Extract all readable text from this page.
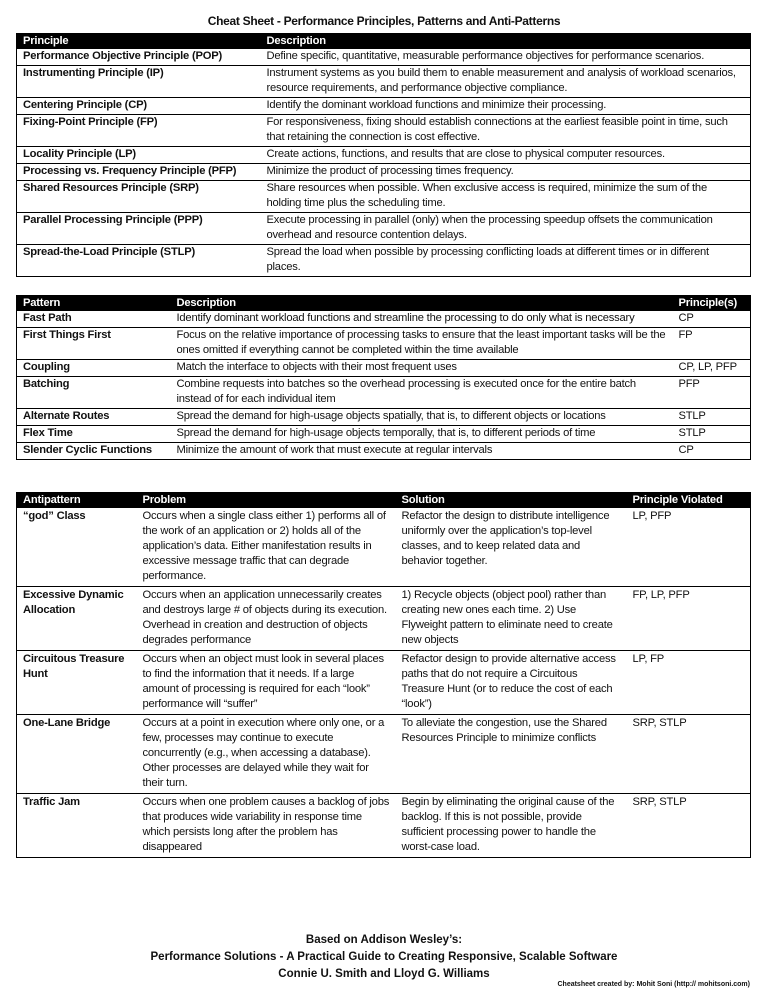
Cheat Sheet - Performance Principles, Patterns and Anti-Patterns
Principle	Description
Performance Objective Principle (POP)	Define specific, quantitative, measurable performance objectives for performance scenarios.
Instrumenting Principle (IP)	Instrument systems as you build them to enable measurement and analysis of workload scenarios, resource requirements, and performance objective compliance.
Centering Principle (CP)	Identify the dominant workload functions and minimize their processing.
Fixing-Point Principle (FP)	For responsiveness, fixing should establish connections at the earliest feasible point in time, such that retaining the connection is cost effective.
Locality Principle (LP)	Create actions, functions, and results that are close to physical computer resources.
Processing vs. Frequency Principle (PFP)	Minimize the product of processing times frequency.
Shared Resources Principle (SRP)	Share resources when possible. When exclusive access is required, minimize the sum of the holding time plus the scheduling time.
Parallel Processing Principle (PPP)	Execute processing in parallel (only) when the processing speedup offsets the communication overhead and resource contention delays.
Spread-the-Load Principle (STLP)	Spread the load when possible by processing conflicting loads at different times or in different places.
Pattern	Description	Principle(s)
Fast Path	Identify dominant workload functions and streamline the processing to do only what is necessary	CP
First Things First	Focus on the relative importance of processing tasks to ensure that the least important tasks will be the ones omitted if everything cannot be completed within the time available	FP
Coupling	Match the interface to objects with their most frequent uses	CP, LP, PFP
Batching	Combine requests into batches so the overhead processing is executed once for the entire batch instead of for each individual item	PFP
Alternate Routes	Spread the demand for high-usage objects spatially, that is, to different objects or locations	STLP
Flex Time	Spread the demand for high-usage objects temporally, that is, to different periods of time	STLP
Slender Cyclic Functions	Minimize the amount of work that must execute at regular intervals	CP
Antipattern	Problem	Solution	Principle Violated
“god” Class	Occurs when a single class either 1) performs all of the work of an application or 2) holds all of the application’s data. Either manifestation results in excessive message traffic that can degrade performance.	Refactor the design to distribute intelligence uniformly over the application’s top-level classes, and to keep related data and behavior together.	LP, PFP
Excessive Dynamic Allocation	Occurs when an application unnecessarily creates and destroys large # of objects during its execution. Overhead in creation and destruction of objects degrades performance	1) Recycle objects (object pool) rather than creating new ones each time. 2) Use Flyweight pattern to eliminate need to create new objects	FP, LP, PFP
Circuitous Treasure Hunt	Occurs when an object must look in several places to find the information that it needs. If a large amount of processing is required for each “look” performance will “suffer”	Refactor design to provide alternative access paths that do not require a Circuitous Treasure Hunt (or to reduce the cost of each “look”)	LP, FP
One-Lane Bridge	Occurs at a point in execution where only one, or a few, processes may continue to execute concurrently (e.g., when accessing a database). Other processes are delayed while they wait for their turn.	To alleviate the congestion, use the Shared Resources Principle to minimize conflicts	SRP, STLP
Traffic Jam	Occurs when one problem causes a backlog of jobs that produces wide variability in response time which persists long after the problem has disappeared	Begin by eliminating the original cause of the backlog. If this is not possible, provide sufficient processing power to handle the worst-case load.	SRP, STLP
Based on Addison Wesley’s:
Performance Solutions - A Practical Guide to Creating Responsive, Scalable Software
Connie U. Smith and Lloyd G. Williams
Cheatsheet created by: Mohit Soni (http:// mohitsoni.com)
